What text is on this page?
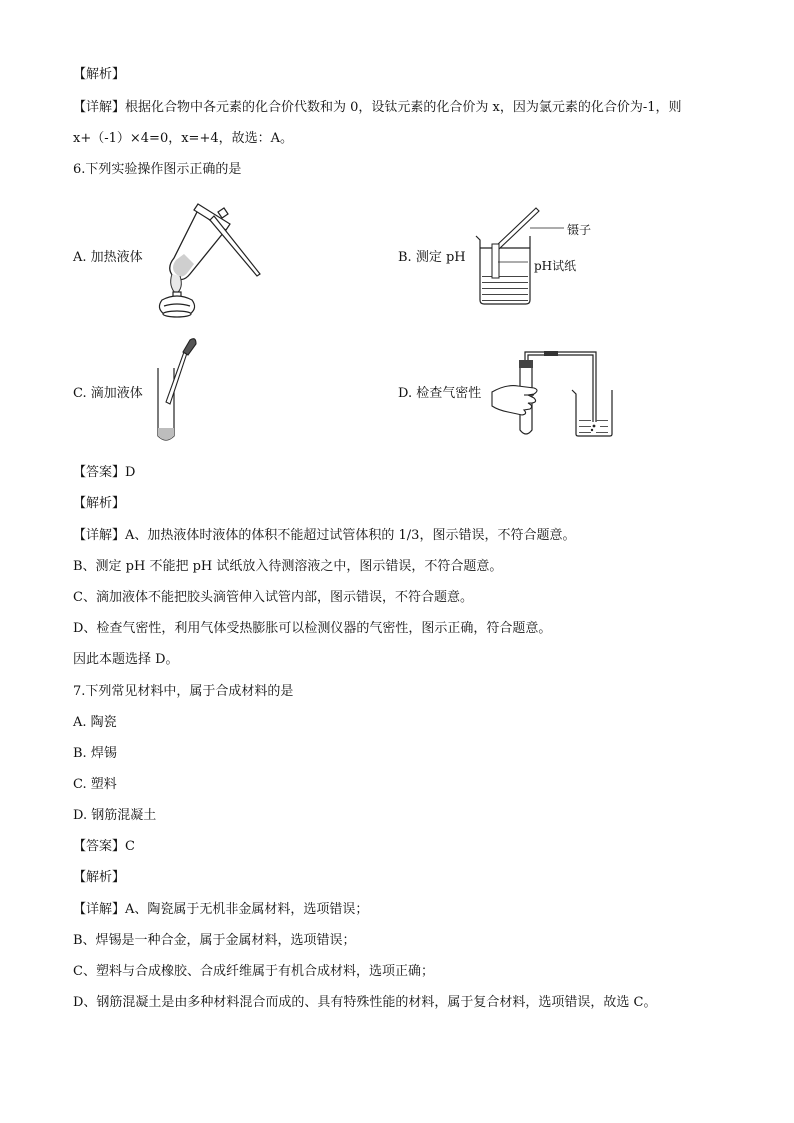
【解析】
【详解】根据化合物中各元素的化合价代数和为 0，设钛元素的化合价为 x，因为氯元素的化合价为-1，则
x+（-1）×4=0，x=+4，故选：A。
6.下列实验操作图示正确的是
A. 加热液体	B. 测定 pH
C. 滴加液体	D. 检查气密性
镊子
pH试纸
【答案】D
【解析】
【详解】A、加热液体时液体的体积不能超过试管体积的 1/3，图示错误，不符合题意。
B、测定 pH 不能把 pH 试纸放入待测溶液之中，图示错误，不符合题意。
C、滴加液体不能把胶头滴管伸入试管内部，图示错误，不符合题意。
D、检查气密性，利用气体受热膨胀可以检测仪器的气密性，图示正确，符合题意。
因此本题选择 D。
7.下列常见材料中，属于合成材料的是
A. 陶瓷
B. 焊锡
C. 塑料
D. 钢筋混凝土
【答案】C
【解析】
【详解】A、陶瓷属于无机非金属材料，选项错误；
B、焊锡是一种合金，属于金属材料，选项错误；
C、塑料与合成橡胶、合成纤维属于有机合成材料，选项正确；
D、钢筋混凝土是由多种材料混合而成的、具有特殊性能的材料，属于复合材料，选项错误，故选 C。
